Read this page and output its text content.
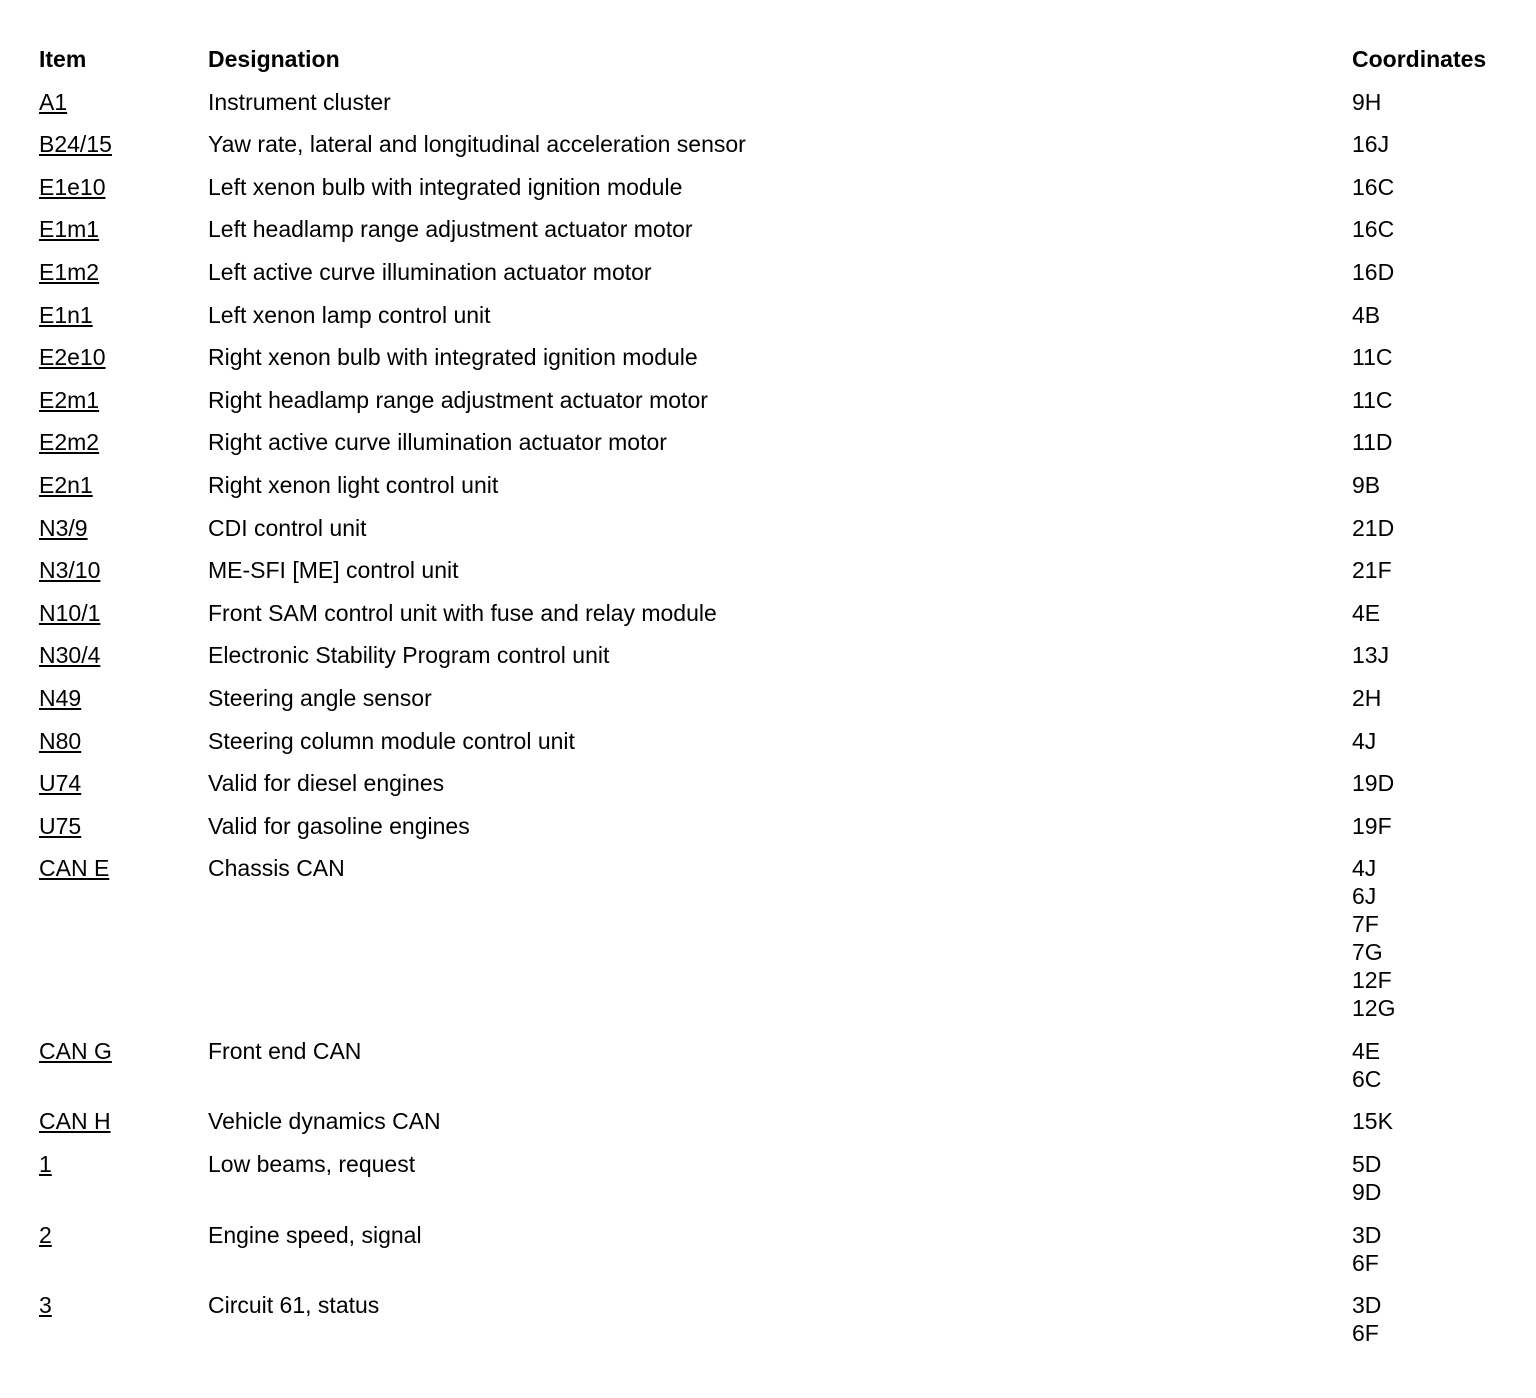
Item	Designation	Coordinates
A1	Instrument cluster	9H
B24/15	Yaw rate, lateral and longitudinal acceleration sensor	16J
E1e10	Left xenon bulb with integrated ignition module	16C
E1m1	Left headlamp range adjustment actuator motor	16C
E1m2	Left active curve illumination actuator motor	16D
E1n1	Left xenon lamp control unit	4B
E2e10	Right xenon bulb with integrated ignition module	11C
E2m1	Right headlamp range adjustment actuator motor	11C
E2m2	Right active curve illumination actuator motor	11D
E2n1	Right xenon light control unit	9B
N3/9	CDI control unit	21D
N3/10	ME-SFI [ME] control unit	21F
N10/1	Front SAM control unit with fuse and relay module	4E
N30/4	Electronic Stability Program control unit	13J
N49	Steering angle sensor	2H
N80	Steering column module control unit	4J
U74	Valid for diesel engines	19D
U75	Valid for gasoline engines	19F
CAN E	Chassis CAN	4J
6J
7F
7G
12F
12G
CAN G	Front end CAN	4E
6C
CAN H	Vehicle dynamics CAN	15K
1	Low beams, request	5D
9D
2	Engine speed, signal	3D
6F
3	Circuit 61, status	3D
6F
